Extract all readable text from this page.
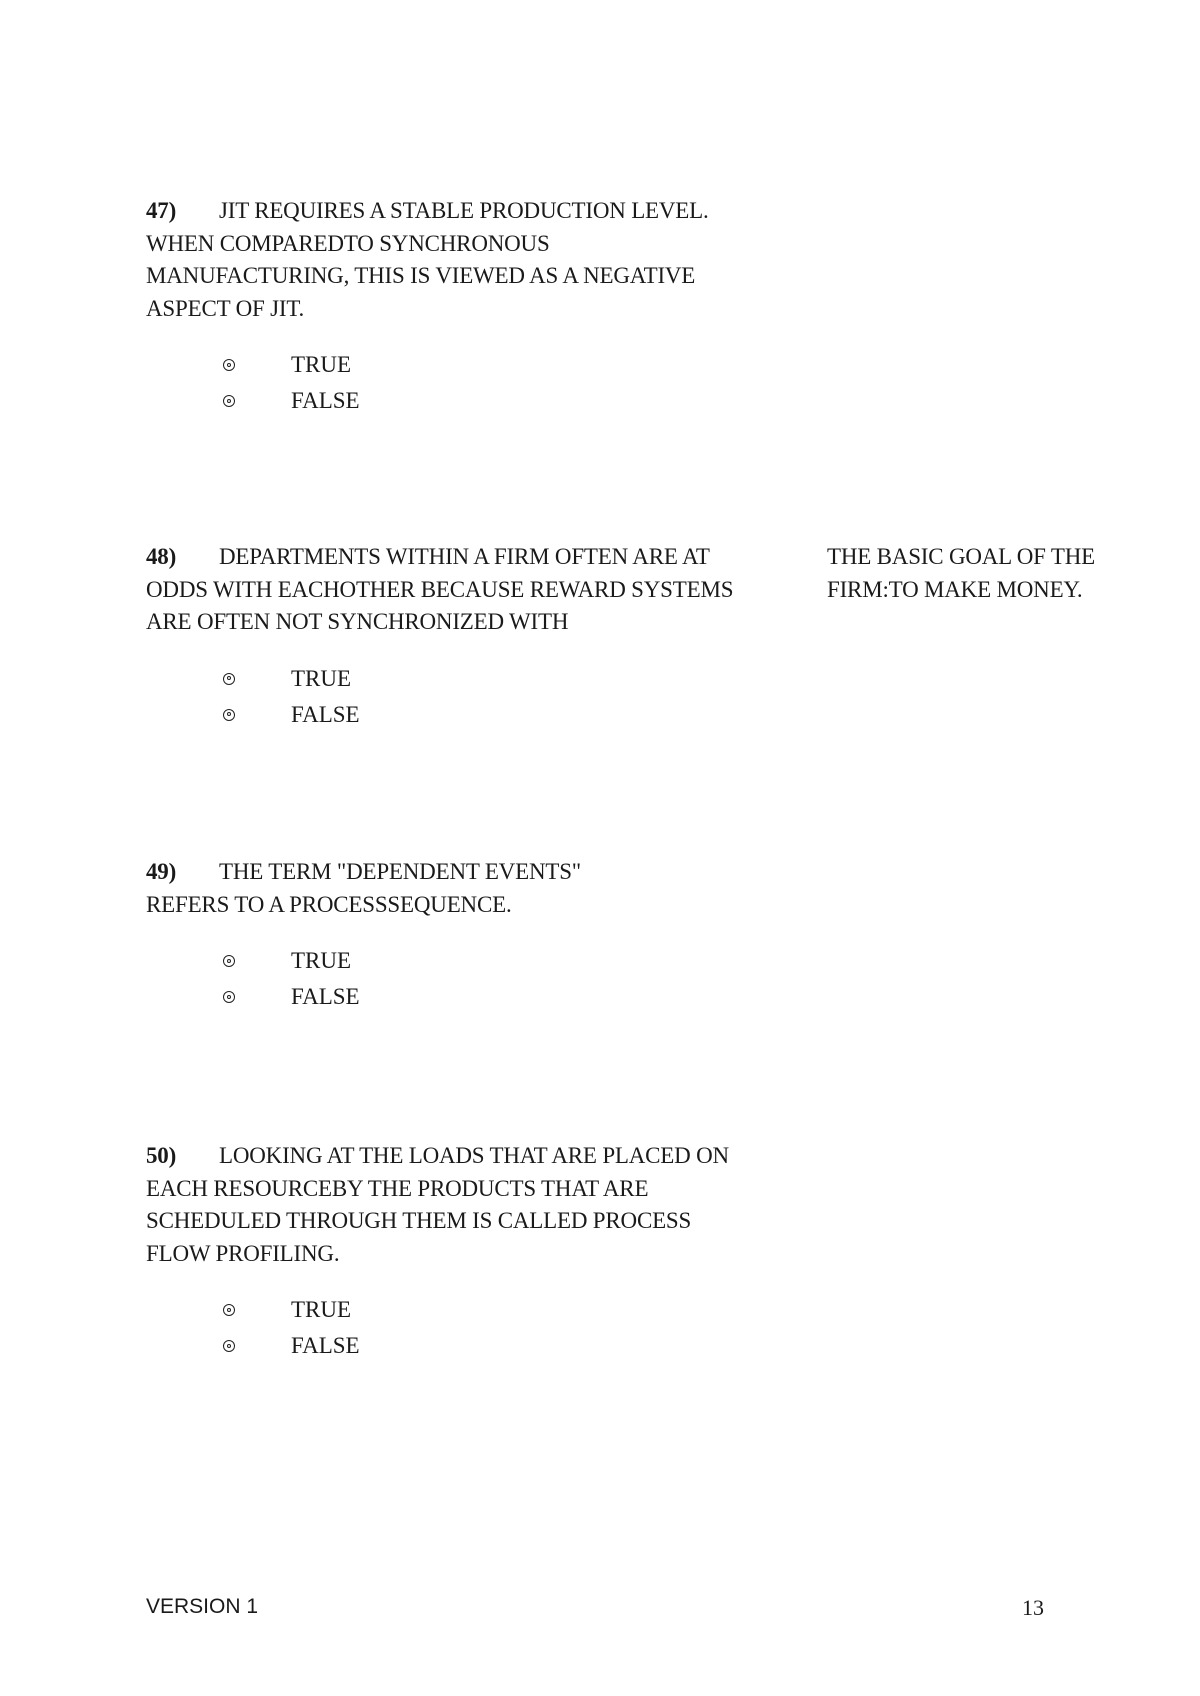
47) JIT REQUIRES A STABLE PRODUCTION LEVEL. WHEN COMPAREDTO SYNCHRONOUS MANUFACTURING, THIS IS VIEWED AS A NEGATIVE ASPECT OF JIT.
TRUE
FALSE
48) DEPARTMENTS WITHIN A FIRM OFTEN ARE AT ODDS WITH EACHOTHER BECAUSE REWARD SYSTEMS ARE OFTEN NOT SYNCHRONIZED WITH
THE BASIC GOAL OF THE FIRM:TO MAKE MONEY.
TRUE
FALSE
49) THE TERM "DEPENDENT EVENTS" REFERS TO A PROCESSSEQUENCE.
TRUE
FALSE
50) LOOKING AT THE LOADS THAT ARE PLACED ON EACH RESOURCEBY THE PRODUCTS THAT ARE SCHEDULED THROUGH THEM IS CALLED PROCESS FLOW PROFILING.
TRUE
FALSE
VERSION 1	13
